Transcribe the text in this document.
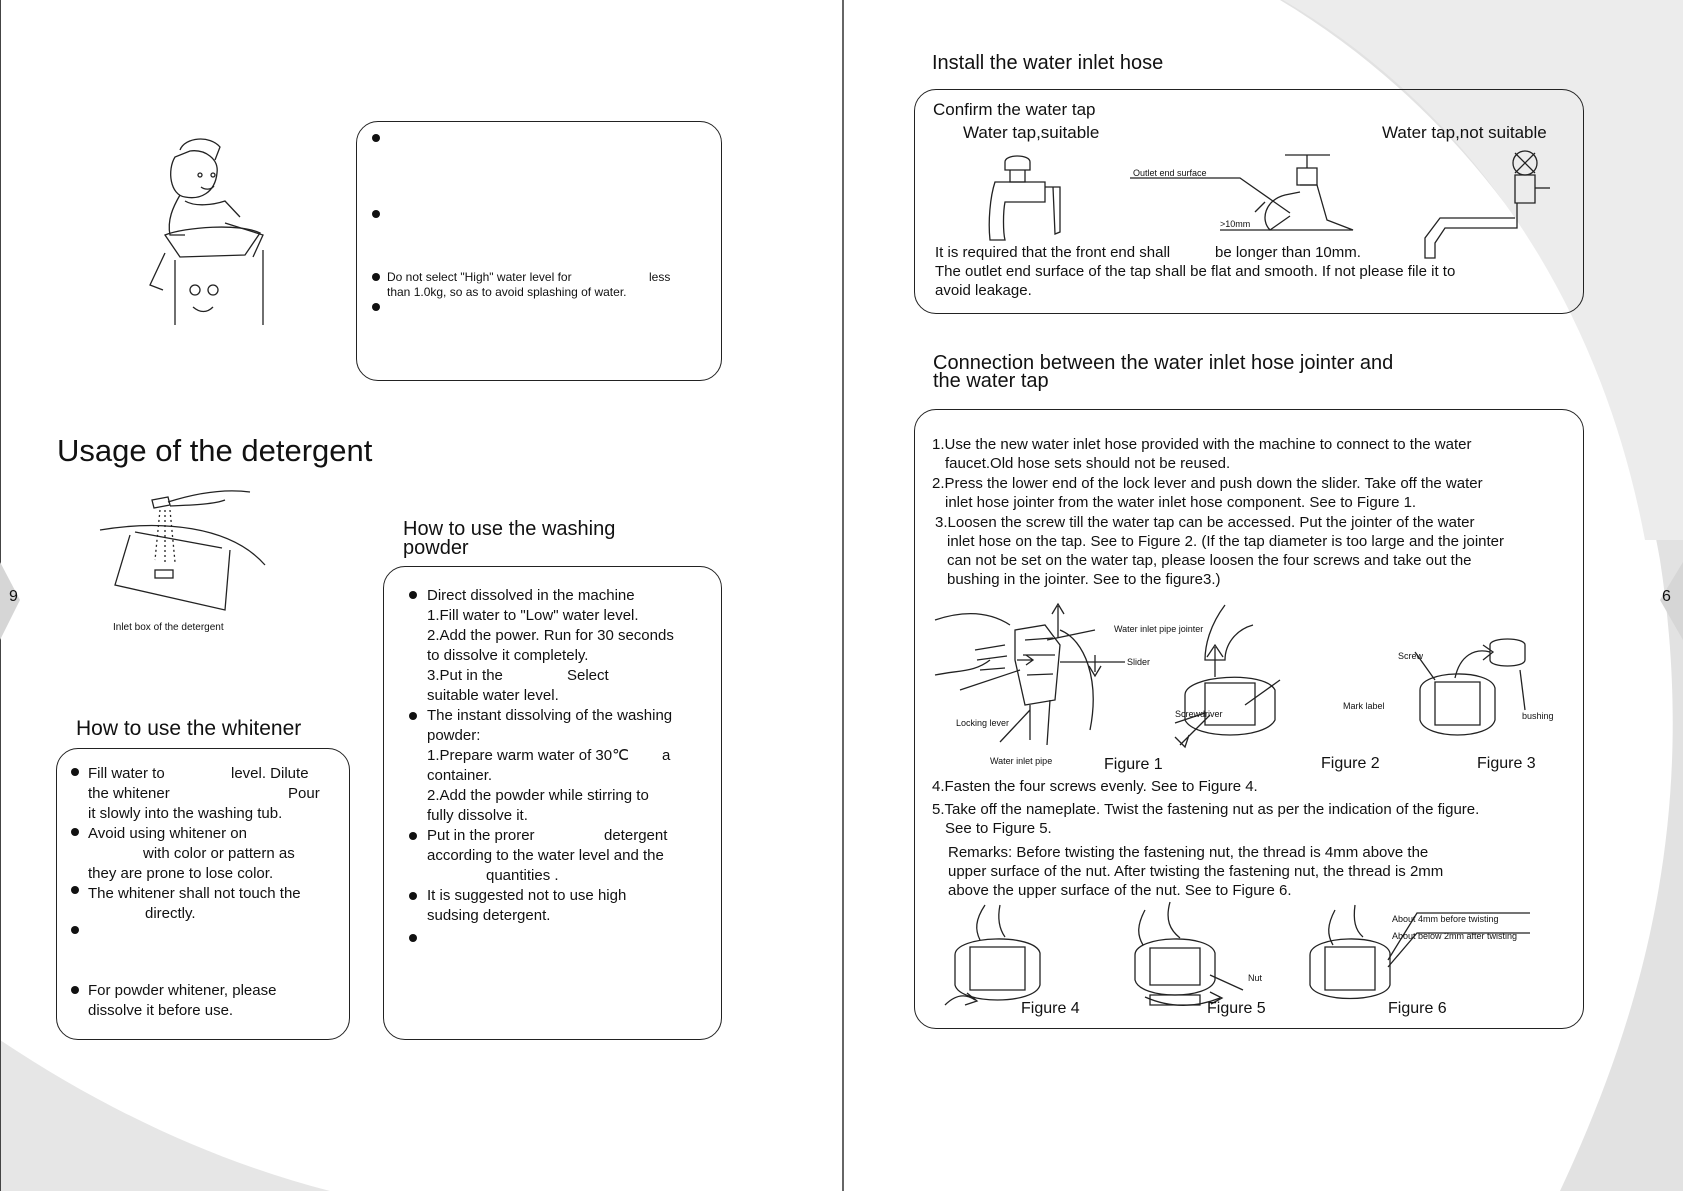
9
Do not select "High" water level for	less
than 1.0kg, so as to avoid splashing of water.
Usage of the detergent
Inlet box of the detergent
How to use the whitener
Fill water to	level. Dilute
the whitener	Pour
it slowly into the washing tub.
Avoid using whitener on
with color or pattern as
they are prone to lose color.
The whitener shall not touch the
directly.
For powder whitener, please
dissolve it before use.
How to use the washing
powder
Direct dissolved in the machine
1.Fill water to "Low" water level.
2.Add the power. Run for 30 seconds
to dissolve it completely.
3.Put in the	Select
suitable water level.
The instant dissolving of the washing
powder:
1.Prepare warm water of 30℃ a
container.
2.Add the powder while stirring to
fully dissolve it.
Put in the prorer	detergent
according to the water level and the
quantities .
It is suggested not to use high
sudsing detergent.
6
Install the water inlet hose
Confirm the water tap
Water tap,suitable	Water tap,not suitable
Outlet end surface
>10mm
It is required that the front end shall	be longer than 10mm.
The outlet end surface of the tap shall be flat and smooth. If not please file it to
avoid leakage.
Connection between the water inlet hose jointer and
the water tap
1.Use the new water inlet hose provided with the machine to connect to the water
faucet.Old hose sets should not be reused.
2.Press the lower end of the lock lever and push down the slider. Take off the water
inlet hose jointer from the water inlet hose component. See to Figure 1.
3.Loosen the screw till the water tap can be accessed. Put the jointer of the water
inlet hose on the tap. See to Figure 2. (If the tap diameter is too large and the jointer
can not be set on the water tap, please loosen the four screws and take out the
bushing in the jointer. See to the figure3.)
Water inlet pipe jointer
Slider
Locking lever
Water inlet pipe
Screwdriver
Mark label
Screw
bushing
Figure 1	Figure 2	Figure 3
4.Fasten the four screws evenly. See to Figure 4.
5.Take off the nameplate. Twist the fastening nut as per the indication of the figure.
See to Figure 5.
Remarks: Before twisting the fastening nut, the thread is 4mm above the
upper surface of the nut. After twisting the fastening nut, the thread is 2mm
above the upper surface of the nut. See to Figure 6.
Nut
About 4mm before twisting
About below 2mm after twisting
Figure 4	Figure 5	Figure 6
